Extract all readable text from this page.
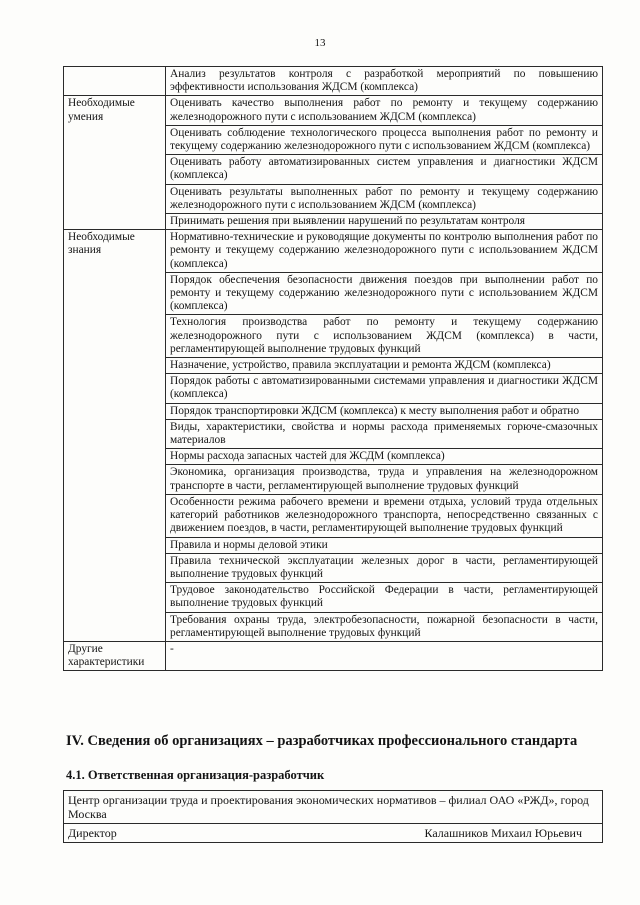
13
	Анализ результатов контроля с разработкой мероприятий по повышению эффективности использования ЖДСМ (комплекса)
Необходимые умения	Оценивать качество выполнения работ по ремонту и текущему содержанию железнодорожного пути с использованием ЖДСМ (комплекса)
	Оценивать соблюдение технологического процесса выполнения работ по ремонту и текущему содержанию железнодорожного пути с использованием ЖДСМ (комплекса)
	Оценивать работу автоматизированных систем управления и диагностики ЖДСМ (комплекса)
	Оценивать результаты выполненных работ по ремонту и текущему содержанию железнодорожного пути с использованием ЖДСМ (комплекса)
	Принимать решения при выявлении нарушений по результатам контроля
Необходимые знания	Нормативно-технические и руководящие документы по контролю выполнения работ по ремонту и текущему содержанию железнодорожного пути с использованием ЖДСМ (комплекса)
	Порядок обеспечения безопасности движения поездов при выполнении работ по ремонту и текущему содержанию железнодорожного пути с использованием ЖДСМ (комплекса)
	Технология производства работ по ремонту и текущему содержанию железнодорожного пути с использованием ЖДСМ (комплекса) в части, регламентирующей выполнение трудовых функций
	Назначение, устройство, правила эксплуатации и ремонта ЖДСМ (комплекса)
	Порядок работы с автоматизированными системами управления и диагностики ЖДСМ (комплекса)
	Порядок транспортировки ЖДСМ (комплекса) к месту выполнения работ и обратно
	Виды, характеристики, свойства и нормы расхода применяемых горюче-смазочных материалов
	Нормы расхода запасных частей для ЖСДМ (комплекса)
	Экономика, организация производства, труда и управления на железнодорожном транспорте в части, регламентирующей выполнение трудовых функций
	Особенности режима рабочего времени и времени отдыха, условий труда отдельных категорий работников железнодорожного транспорта, непосредственно связанных с движением поездов, в части, регламентирующей выполнение трудовых функций
	Правила и нормы деловой этики
	Правила технической эксплуатации железных дорог в части, регламентирующей выполнение трудовых функций
	Трудовое законодательство Российской Федерации в части, регламентирующей выполнение трудовых функций
	Требования охраны труда, электробезопасности, пожарной безопасности в части, регламентирующей выполнение трудовых функций
Другие характеристики	-
IV. Сведения об организациях – разработчиках профессионального стандарта
4.1. Ответственная организация-разработчик
Центр организации труда и проектирования экономических нормативов – филиал ОАО «РЖД», город Москва

Директор	Калашников Михаил Юрьевич
